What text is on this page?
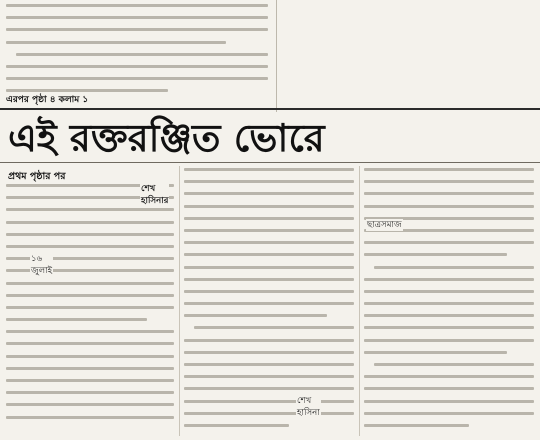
এরপর পৃষ্ঠা ৪ কলাম ১
এই রক্তরঞ্জিত ভোরে
প্রথম পৃষ্ঠার পর
শেখ হাসিনার
১৬ জুলাই
শেখ হাসিনা
ছাত্রসমাজ
